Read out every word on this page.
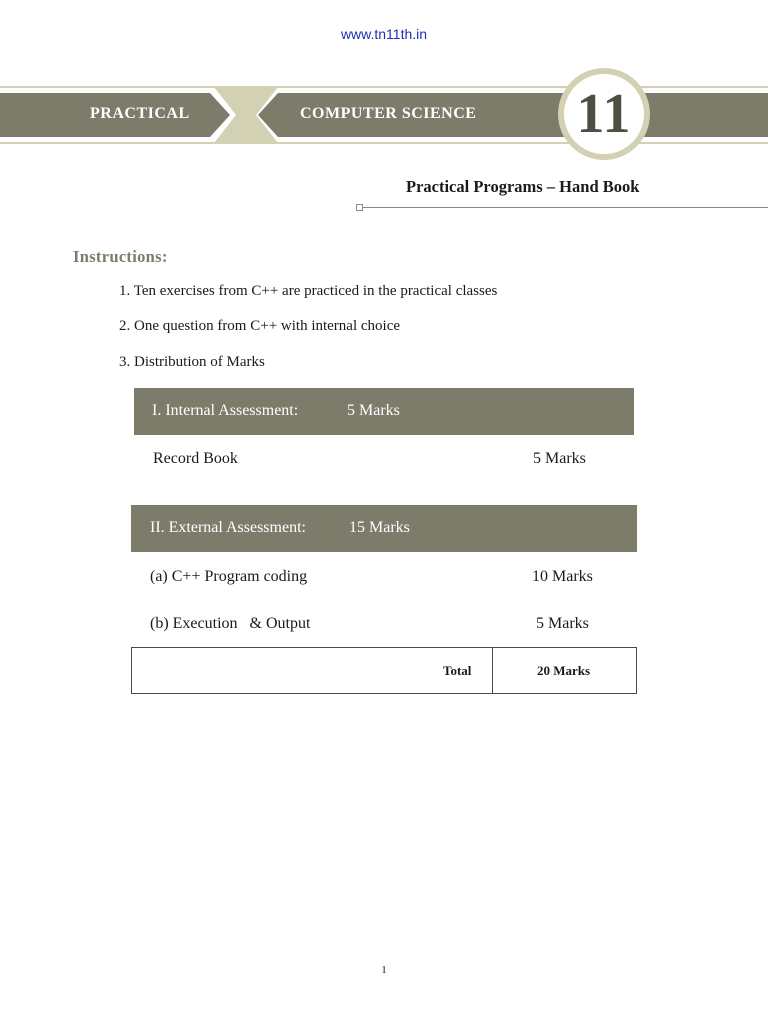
www.tn11th.in
PRACTICAL	COMPUTER SCIENCE 11
Practical Programs – Hand Book
Instructions:
1. Ten exercises from C++ are practiced in the practical classes
2. One question from C++ with internal choice
3. Distribution of Marks
I. Internal Assessment:	5 Marks
Record Book	5 Marks
II. External Assessment:	15 Marks
(a) C++ Program coding	10 Marks
(b) Execution   & Output	5 Marks
Total	20 Marks
1
